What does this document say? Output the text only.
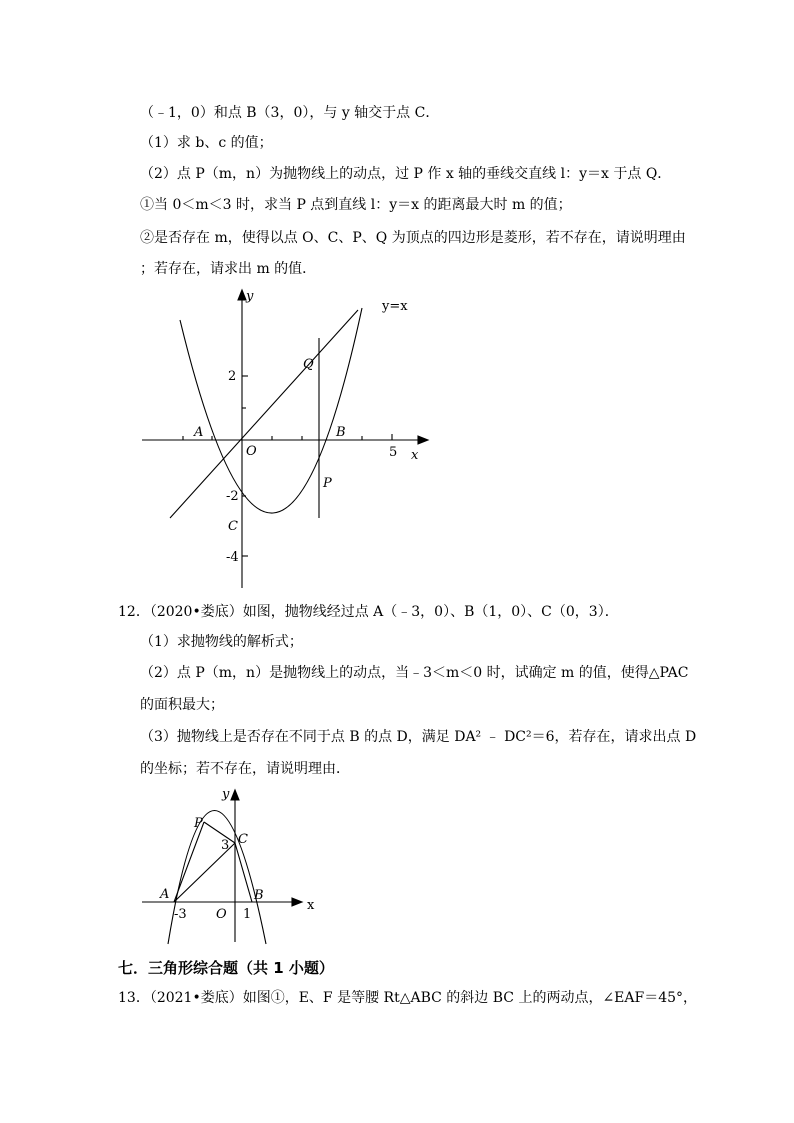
（﹣1，0）和点 B（3，0），与 y 轴交于点 C．
（1）求 b、c 的值；
（2）点 P（m，n）为抛物线上的动点，过 P 作 x 轴的垂线交直线 l：y＝x 于点 Q．
①当 0＜m＜3 时，求当 P 点到直线 l：y＝x 的距离最大时 m 的值；
②是否存在 m，使得以点 O、C、P、Q 为顶点的四边形是菱形，若不存在，请说明理由
；若存在，请求出 m 的值．
y=x
y
x
O
A	B
C
P
Q
2
-2
-4
5
12．（2020•娄底）如图，抛物线经过点 A（﹣3，0）、B（1，0）、C（0，3）．
（1）求抛物线的解析式；
（2）点 P（m，n）是抛物线上的动点，当﹣3＜m＜0 时，试确定 m 的值，使得△PAC
的面积最大；
（3）抛物线上是否存在不同于点 B 的点 D，满足 DA² ﹣ DC²＝6，若存在，请求出点 D
的坐标；若不存在，请说明理由．
y
x
O
A	B
C
P
-3	1
3
七．三角形综合题（共 1 小题）
13．（2021•娄底）如图①，E、F 是等腰 Rt△ABC 的斜边 BC 上的两动点，∠EAF＝45°，
